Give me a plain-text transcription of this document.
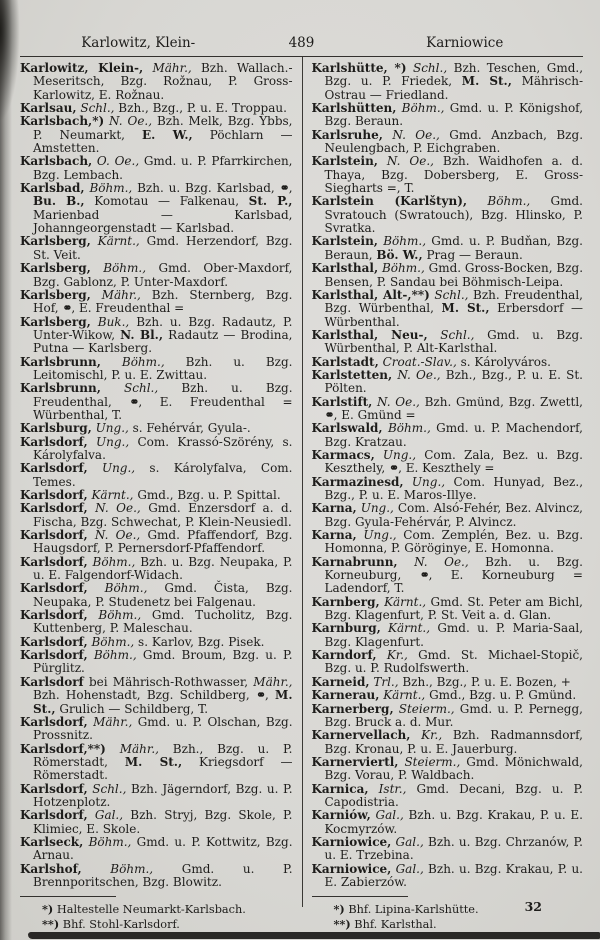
Karlowitz, Klein-	489	Karniowice

Karlowitz, Klein-, Mähr., Bzh. Wallach.-Meseritsch, Bzg. Rožnau, P. Gross-Karlowitz, E. Rožnau.

Karlsau, Schl., Bzh., Bzg., P. u. E. Troppau.

Karlsbach,*) N. Oe., Bzh. Melk, Bzg. Ybbs, P. Neumarkt, E. W., Pöchlarn — Amstetten.

Karlsbach, O. Oe., Gmd. u. P. Pfarrkirchen, Bzg. Lembach.

Karlsbad, Böhm., Bzh. u. Bzg. Karlsbad, ⚭, Bu. B., Komotau — Falkenau, St. P., Marienbad — Karlsbad, Johanngeorgenstadt — Karlsbad.

Karlsberg, Kärnt., Gmd. Herzendorf, Bzg. St. Veit.

Karlsberg, Böhm., Gmd. Ober-Maxdorf, Bzg. Gablonz, P. Unter-Maxdorf.

Karlsberg, Mähr., Bzh. Sternberg, Bzg. Hof, ⚭, E. Freudenthal =

Karlsberg, Buk., Bzh. u. Bzg. Radautz, P. Unter-Wikow, N. Bl., Radautz — Brodina, Putna — Karlsberg.

Karlsbrunn, Böhm., Bzh. u. Bzg. Leitomischl, P. u. E. Zwittau.

Karlsbrunn, Schl., Bzh. u. Bzg. Freudenthal, ⚭, E. Freudenthal = Würbenthal, T.

Karlsburg, Ung., s. Fehérvár, Gyula-.

Karlsdorf, Ung., Com. Krassó-Szörény, s. Károlyfalva.

Karlsdorf, Ung., s. Károlyfalva, Com. Temes.

Karlsdorf, Kärnt., Gmd., Bzg. u. P. Spittal.

Karlsdorf, N. Oe., Gmd. Enzersdorf a. d. Fischa, Bzg. Schwechat, P. Klein-Neusiedl.

Karlsdorf, N. Oe., Gmd. Pfaffendorf, Bzg. Haugsdorf, P. Pernersdorf-Pfaffendorf.

Karlsdorf, Böhm., Bzh. u. Bzg. Neupaka, P. u. E. Falgendorf-Widach.

Karlsdorf, Böhm., Gmd. Čista, Bzg. Neupaka, P. Studenetz bei Falgenau.

Karlsdorf, Böhm., Gmd. Tucholitz, Bzg. Kuttenberg, P. Maleschau.

Karlsdorf, Böhm., s. Karlov, Bzg. Pisek.

Karlsdorf, Böhm., Gmd. Broum, Bzg. u. P. Pürglitz.

Karlsdorf bei Mährisch-Rothwasser, Mähr., Bzh. Hohenstadt, Bzg. Schildberg, ⚭, M. St., Grulich — Schildberg, T.

Karlsdorf, Mähr., Gmd. u. P. Olschan, Bzg. Prossnitz.

Karlsdorf,**) Mähr., Bzh., Bzg. u. P. Römerstadt, M. St., Kriegsdorf — Römerstadt.

Karlsdorf, Schl., Bzh. Jägerndorf, Bzg. u. P. Hotzenplotz.

Karlsdorf, Gal., Bzh. Stryj, Bzg. Skole, P. Klimiec, E. Skole.

Karlseck, Böhm., Gmd. u. P. Kottwitz, Bzg. Arnau.

Karlshof, Böhm., Gmd. u. P. Brennporitschen, Bzg. Blowitz.

*) Haltestelle Neumarkt-Karlsbach.

**) Bhf. Stohl-Karlsdorf.

Karlshütte, *) Schl., Bzh. Teschen, Gmd., Bzg. u. P. Friedek, M. St., Mährisch-Ostrau — Friedland.

Karlshütten, Böhm., Gmd. u. P. Königshof, Bzg. Beraun.

Karlsruhe, N. Oe., Gmd. Anzbach, Bzg. Neulengbach, P. Eichgraben.

Karlstein, N. Oe., Bzh. Waidhofen a. d. Thaya, Bzg. Dobersberg, E. Gross-Siegharts =, T.

Karlstein (Karlštyn), Böhm., Gmd. Svratouch (Swratouch), Bzg. Hlinsko, P. Svratka.

Karlstein, Böhm., Gmd. u. P. Budňan, Bzg. Beraun, Bö. W., Prag — Beraun.

Karlsthal, Böhm., Gmd. Gross-Bocken, Bzg. Bensen, P. Sandau bei Böhmisch-Leipa.

Karlsthal, Alt-,**) Schl., Bzh. Freudenthal, Bzg. Würbenthal, M. St., Erbersdorf — Würbenthal.

Karlsthal, Neu-, Schl., Gmd. u. Bzg. Würbenthal, P. Alt-Karlsthal.

Karlstadt, Croat.-Slav., s. Károlyváros.

Karlstetten, N. Oe., Bzh., Bzg., P. u. E. St. Pölten.

Karlstift, N. Oe., Bzh. Gmünd, Bzg. Zwettl, ⚭, E. Gmünd =

Karlswald, Böhm., Gmd. u. P. Machendorf, Bzg. Kratzau.

Karmacs, Ung., Com. Zala, Bez. u. Bzg. Keszthely, ⚭, E. Keszthely =

Karmazinesd, Ung., Com. Hunyad, Bez., Bzg., P. u. E. Maros-Illye.

Karna, Ung., Com. Alsó-Fehér, Bez. Alvincz, Bzg. Gyula-Fehérvár, P. Alvincz.

Karna, Ung., Com. Zemplén, Bez. u. Bzg. Homonna, P. Göröginye, E. Homonna.

Karnabrunn, N. Oe., Bzh. u. Bzg. Korneuburg, ⚭, E. Korneuburg = Ladendorf, T.

Karnberg, Kärnt., Gmd. St. Peter am Bichl, Bzg. Klagenfurt, P. St. Veit a. d. Glan.

Karnburg, Kärnt., Gmd. u. P. Maria-Saal, Bzg. Klagenfurt.

Karndorf, Kr., Gmd. St. Michael-Stopič, Bzg. u. P. Rudolfswerth.

Karneid, Trl., Bzh., Bzg., P. u. E. Bozen, +

Karnerau, Kärnt., Gmd., Bzg. u. P. Gmünd.

Karnerberg, Steierm., Gmd. u. P. Pernegg, Bzg. Bruck a. d. Mur.

Karnervellach, Kr., Bzh. Radmannsdorf, Bzg. Kronau, P. u. E. Jauerburg.

Karnerviertl, Steierm., Gmd. Mönichwald, Bzg. Vorau, P. Waldbach.

Karnica, Istr., Gmd. Decani, Bzg. u. P. Capodistria.

Karniów, Gal., Bzh. u. Bzg. Krakau, P. u. E. Kocmyrzów.

Karniowice, Gal., Bzh. u. Bzg. Chrzanów, P. u. E. Trzebina.

Karniowice, Gal., Bzh. u. Bzg. Krakau, P. u. E. Zabierzów.

*) Bhf. Lipina-Karlshütte.

**) Bhf. Karlsthal.

32
